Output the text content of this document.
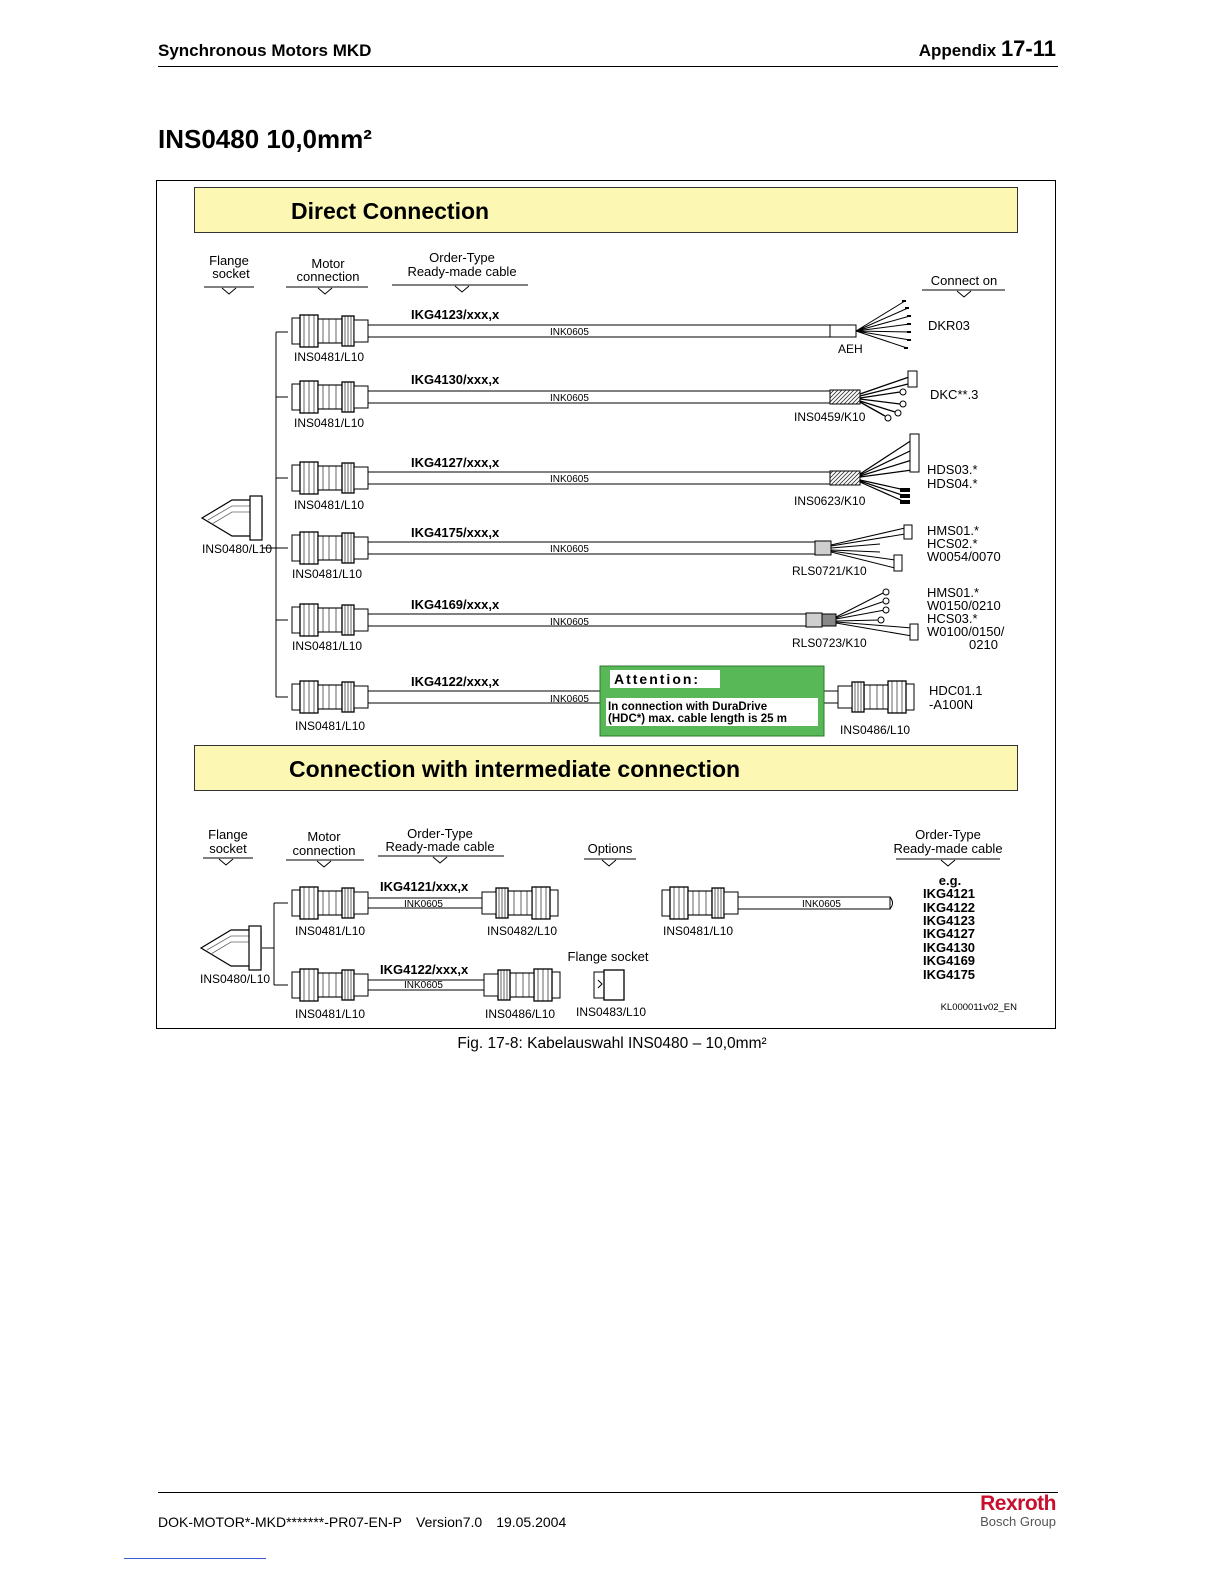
Synchronous Motors MKD	Appendix 17-11
INS0480 10,0mm²
Direct Connection
Connection with intermediate connection
Flange
socket
Motor
connection
Order-Type
Ready-made cable
Connect on
INS0480/L10
IKG4123/xxx,x
INK0605
INS0481/L10
AEH
DKR03
IKG4130/xxx,x
INK0605
INS0481/L10	INS0459/K10
DKC**.3
IKG4127/xxx,x
INK0605
INS0481/L10	INS0623/K10
HDS03.*
HDS04.*
IKG4175/xxx,x
INK0605
INS0481/L10	RLS0721/K10
HMS01.*
HCS02.*
W0054/0070
IKG4169/xxx,x
INK0605
INS0481/L10	RLS0723/K10
HMS01.*
W0150/0210
HCS03.*
W0100/0150/
0210
IKG4122/xxx,x
INK0605
INS0481/L10	INS0486/L10
HDC01.1
-A100N
Attention:
In connection with DuraDrive
(HDC*) max. cable length is 25 m
Flange
socket
Motor
connection
Order-Type
Ready-made cable	Options
Order-Type
Ready-made cable
INS0480/L10
IKG4121/xxx,x
INK0605
INS0481/L10	INS0482/L10
IKG4122/xxx,x
INK0605
INS0481/L10	INS0486/L10
Flange socket
INS0483/L10
INS0481/L10
INK0605
e.g.
IKG4121
IKG4122
IKG4123
IKG4127
IKG4130
IKG4169
IKG4175
KL000011v02_EN
Fig. 17-8: Kabelauswahl INS0480 – 10,0mm²
DOK-MOTOR*-MKD*******-PR07-EN-P Version7.0 19.05.2004
Rexroth
Bosch Group
